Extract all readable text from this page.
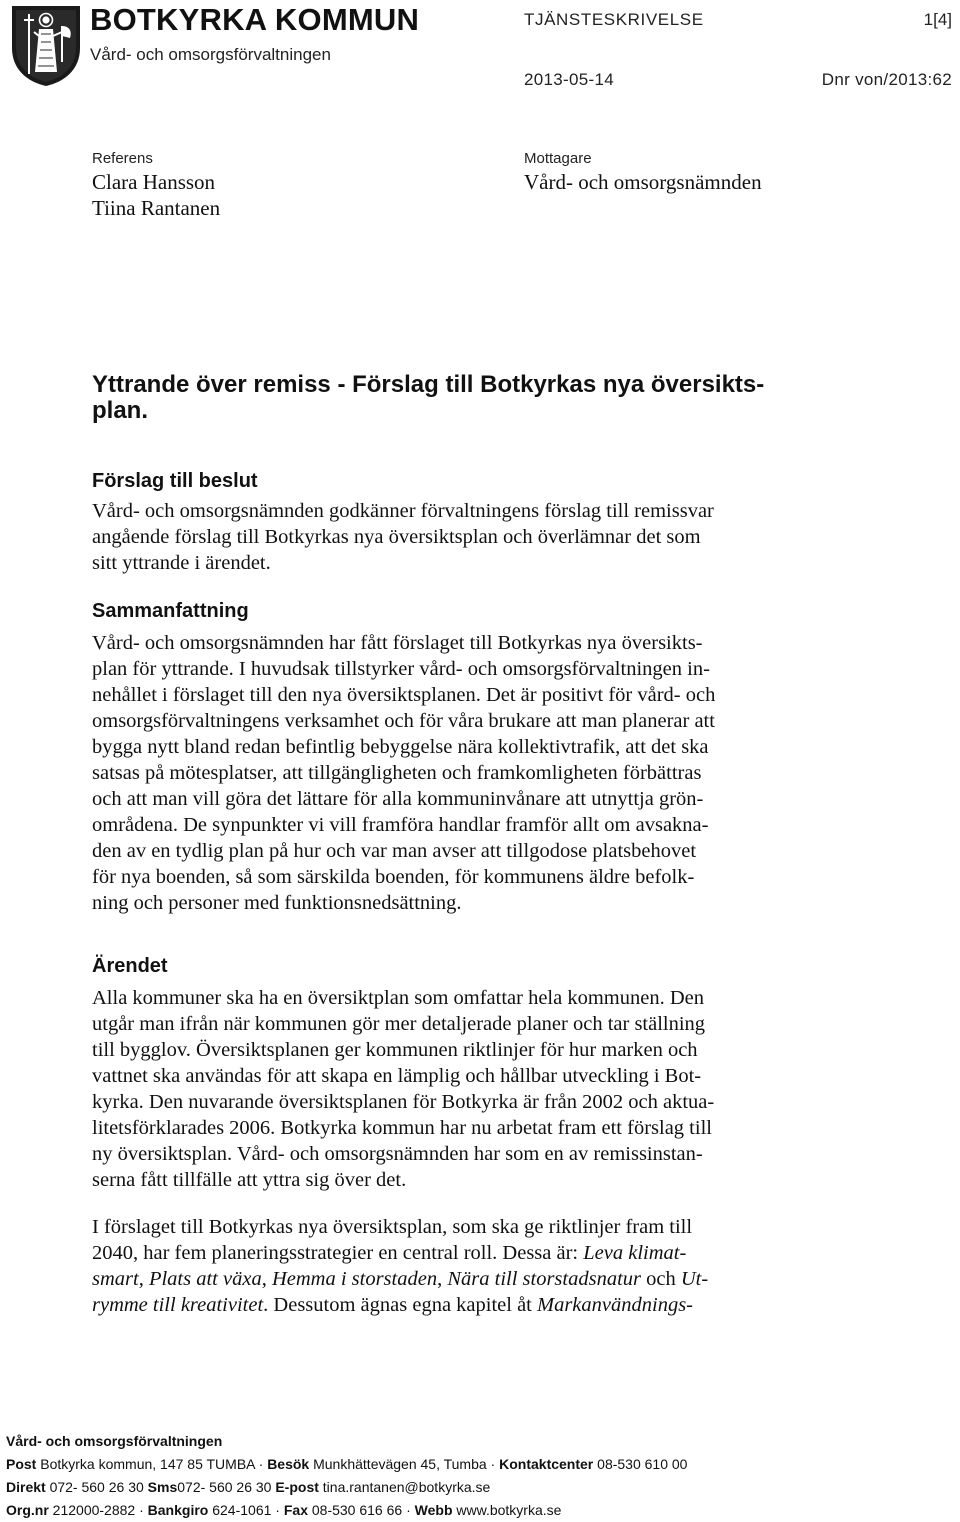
BOTKYRKA KOMMUN
Vård- och omsorgsförvaltningen
TJÄNSTESKRIVELSE	1[4]
2013-05-14	Dnr von/2013:62
Referens
Clara Hansson
Tiina Rantanen
Mottagare
Vård- och omsorgsnämnden
Yttrande över remiss - Förslag till Botkyrkas nya översikts-
plan.
Förslag till beslut
Vård- och omsorgsnämnden godkänner förvaltningens förslag till remissvar
angående förslag till Botkyrkas nya översiktsplan och överlämnar det som
sitt yttrande i ärendet.
Sammanfattning
Vård- och omsorgsnämnden har fått förslaget till Botkyrkas nya översikts-
plan för yttrande. I huvudsak tillstyrker vård- och omsorgsförvaltningen in-
nehållet i förslaget till den nya översiktsplanen. Det är positivt för vård- och
omsorgsförvaltningens verksamhet och för våra brukare att man planerar att
bygga nytt bland redan befintlig bebyggelse nära kollektivtrafik, att det ska
satsas på mötesplatser, att tillgängligheten och framkomligheten förbättras
och att man vill göra det lättare för alla kommuninvånare att utnyttja grön-
områdena. De synpunkter vi vill framföra handlar framför allt om avsakna-
den av en tydlig plan på hur och var man avser att tillgodose platsbehovet
för nya boenden, så som särskilda boenden, för kommunens äldre befolk-
ning och personer med funktionsnedsättning.
Ärendet
Alla kommuner ska ha en översiktplan som omfattar hela kommunen. Den
utgår man ifrån när kommunen gör mer detaljerade planer och tar ställning
till bygglov. Översiktsplanen ger kommunen riktlinjer för hur marken och
vattnet ska användas för att skapa en lämplig och hållbar utveckling i Bot-
kyrka. Den nuvarande översiktsplanen för Botkyrka är från 2002 och aktua-
litetsförklarades 2006. Botkyrka kommun har nu arbetat fram ett förslag till
ny översiktsplan. Vård- och omsorgsnämnden har som en av remissinstan-
serna fått tillfälle att yttra sig över det.
I förslaget till Botkyrkas nya översiktsplan, som ska ge riktlinjer fram till
2040, har fem planeringsstrategier en central roll. Dessa är: Leva klimat-
smart, Plats att växa, Hemma i storstaden, Nära till storstadsnatur och Ut-
rymme till kreativitet. Dessutom ägnas egna kapitel åt Markanvändnings-
Vård- och omsorgsförvaltningen
Post Botkyrka kommun, 147 85 TUMBA · Besök Munkhättevägen 45, Tumba · Kontaktcenter 08-530 610 00
Direkt 072- 560 26 30 Sms072- 560 26 30 E-post tina.rantanen@botkyrka.se
Org.nr 212000-2882 · Bankgiro 624-1061 · Fax 08-530 616 66 · Webb www.botkyrka.se
